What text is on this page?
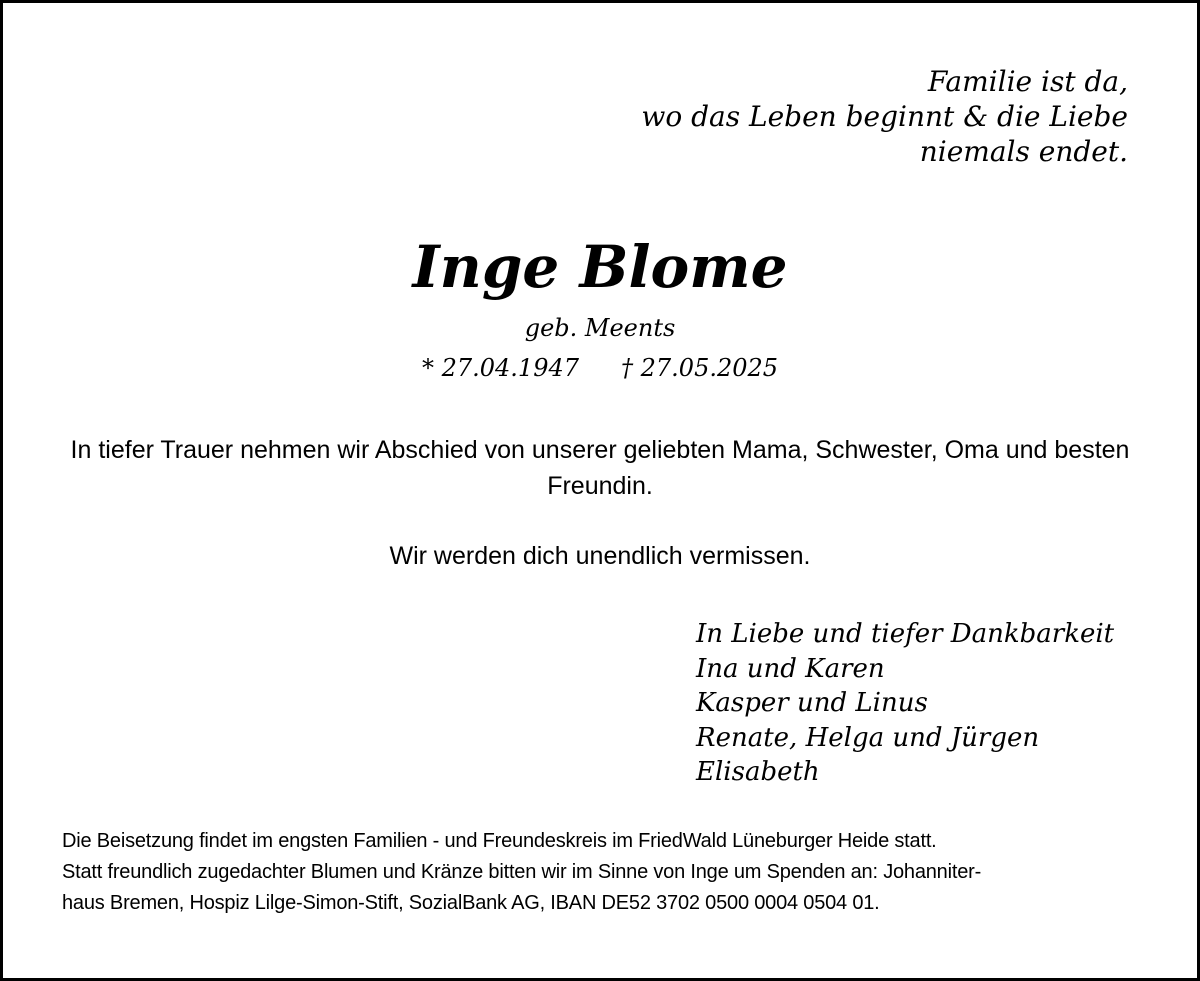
Familie ist da,
wo das Leben beginnt & die Liebe
niemals endet.
Inge Blome
geb. Meents
* 27.04.1947 † 27.05.2025
In tiefer Trauer nehmen wir Abschied von unserer geliebten Mama, Schwester, Oma und besten Freundin.
Wir werden dich unendlich vermissen.
In Liebe und tiefer Dankbarkeit
Ina und Karen
Kasper und Linus
Renate, Helga und Jürgen
Elisabeth
Die Beisetzung findet im engsten Familien - und Freundeskreis im FriedWald Lüneburger Heide statt.
Statt freundlich zugedachter Blumen und Kränze bitten wir im Sinne von Inge um Spenden an: Johanniter-
haus Bremen, Hospiz Lilge-Simon-Stift, SozialBank AG, IBAN DE52 3702 0500 0004 0504 01.
